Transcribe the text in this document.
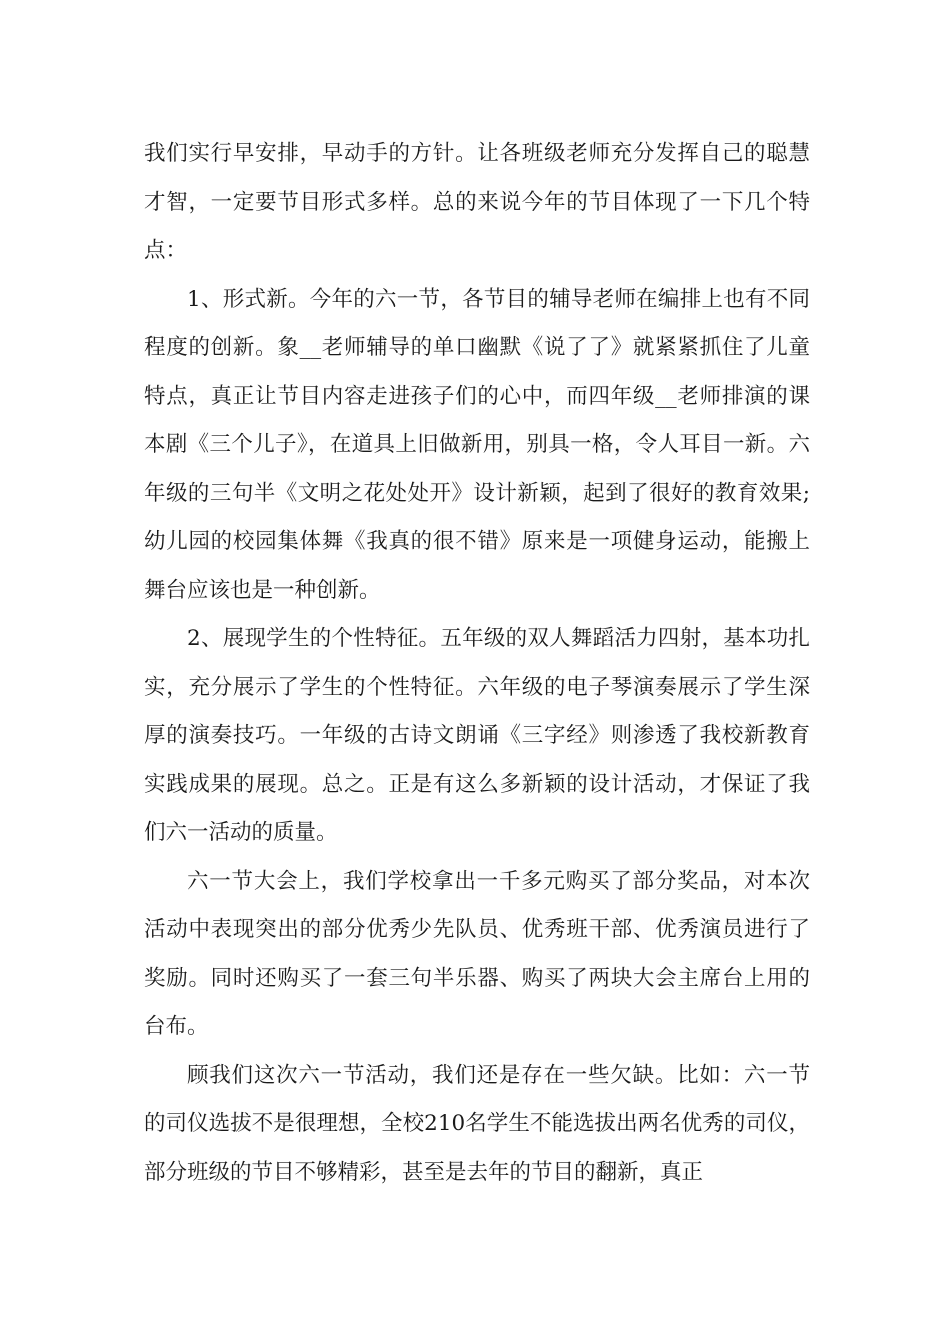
我们实行早安排，早动手的方针。让各班级老师充分发挥自己的聪慧才智，一定要节目形式多样。总的来说今年的节目体现了一下几个特点：

1、形式新。今年的六一节，各节目的辅导老师在编排上也有不同程度的创新。象__老师辅导的单口幽默《说了了》就紧紧抓住了儿童特点，真正让节目内容走进孩子们的心中，而四年级__老师排演的课本剧《三个儿子》，在道具上旧做新用，别具一格，令人耳目一新。六年级的三句半《文明之花处处开》设计新颖，起到了很好的教育效果;幼儿园的校园集体舞《我真的很不错》原来是一项健身运动，能搬上舞台应该也是一种创新。

2、展现学生的个性特征。五年级的双人舞蹈活力四射，基本功扎实，充分展示了学生的个性特征。六年级的电子琴演奏展示了学生深厚的演奏技巧。一年级的古诗文朗诵《三字经》则渗透了我校新教育实践成果的展现。总之。正是有这么多新颖的设计活动，才保证了我们六一活动的质量。

六一节大会上，我们学校拿出一千多元购买了部分奖品，对本次活动中表现突出的部分优秀少先队员、优秀班干部、优秀演员进行了奖励。同时还购买了一套三句半乐器、购买了两块大会主席台上用的台布。

顾我们这次六一节活动，我们还是存在一些欠缺。比如：六一节的司仪选拔不是很理想，全校210名学生不能选拔出两名优秀的司仪，部分班级的节目不够精彩，甚至是去年的节目的翻新，真正
